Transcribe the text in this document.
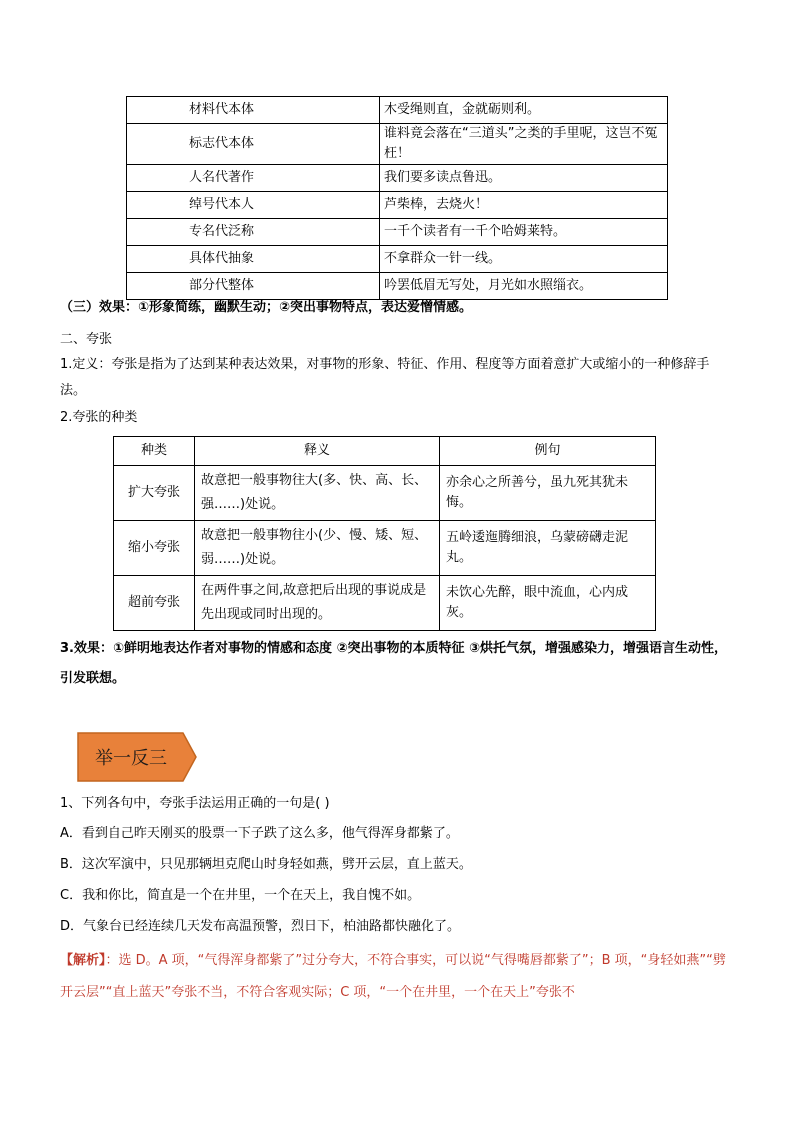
材料代本体	木受绳则直，金就砺则利。
标志代本体	谁料竟会落在“三道头”之类的手里呢，这岂不冤枉！
人名代著作	我们要多读点鲁迅。
绰号代本人	芦柴棒，去烧火！
专名代泛称	一千个读者有一千个哈姆莱特。
具体代抽象	不拿群众一针一线。
部分代整体	吟罢低眉无写处，月光如水照缁衣。
（三）效果：①形象简练，幽默生动；②突出事物特点，表达爱憎情感。
二、夸张
1.定义：夸张是指为了达到某种表达效果，对事物的形象、特征、作用、程度等方面着意扩大或缩小的一种修辞手法。
2.夸张的种类
种类	释义	例句
扩大夸张	故意把一般事物往大(多、快、高、长、强……)处说。	亦余心之所善兮，虽九死其犹未悔。
缩小夸张	故意把一般事物往小(少、慢、矮、短、弱……)处说。	五岭逶迤腾细浪，乌蒙磅礴走泥丸。
超前夸张	在两件事之间,故意把后出现的事说成是先出现或同时出现的。	未饮心先醉，眼中流血，心内成灰。
3.效果：①鲜明地表达作者对事物的情感和态度 ②突出事物的本质特征 ③烘托气氛，增强感染力，增强语言生动性，引发联想。
举一反三
1、下列各句中，夸张手法运用正确的一句是( )
A．看到自己昨天刚买的股票一下子跌了这么多，他气得浑身都紫了。
B．这次军演中，只见那辆坦克爬山时身轻如燕，劈开云层，直上蓝天。
C．我和你比，简直是一个在井里，一个在天上，我自愧不如。
D．气象台已经连续几天发布高温预警，烈日下，柏油路都快融化了。
【解析】：选 D。A 项，“气得浑身都紫了”过分夸大，不符合事实，可以说“气得嘴唇都紫了”；B 项，“身轻如燕”“劈开云层”“直上蓝天”夸张不当，不符合客观实际；C 项，“一个在井里，一个在天上”夸张不
